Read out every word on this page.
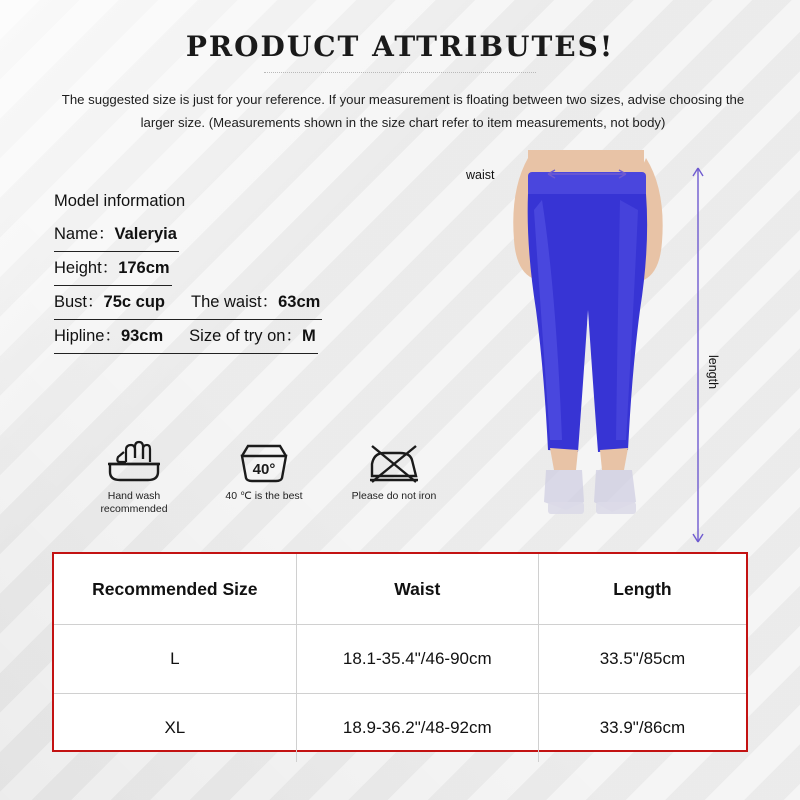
PRODUCT ATTRIBUTES!
The suggested size is just for your reference. If your measurement is floating between two sizes, advise choosing the larger size. (Measurements shown in the size chart refer to item measurements, not body)
Model information
Name：Valeryia
Height：176cm
Bust：75c cup The waist：63cm
Hipline：93cm Size of try on：M
Hand wash
recommended
40°
40 ℃ is the best	Please do not iron
waist
length
Recommended Size	Waist	Length
L	18.1-35.4"/46-90cm	33.5"/85cm
XL	18.9-36.2"/48-92cm	33.9"/86cm
